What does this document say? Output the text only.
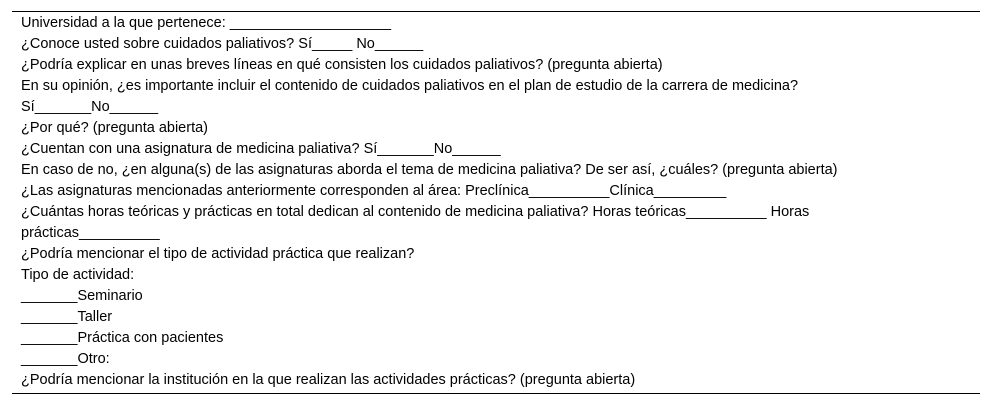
Universidad a la que pertenece: ____________________

¿Conoce usted sobre cuidados paliativos? Sí_____ No______

¿Podría explicar en unas breves líneas en qué consisten los cuidados paliativos? (pregunta abierta)

En su opinión, ¿es importante incluir el contenido de cuidados paliativos en el plan de estudio de la carrera de medicina?

Sí_______No______

¿Por qué? (pregunta abierta)

¿Cuentan con una asignatura de medicina paliativa? Sí_______No______

En caso de no, ¿en alguna(s) de las asignaturas aborda el tema de medicina paliativa? De ser así, ¿cuáles? (pregunta abierta)

¿Las asignaturas mencionadas anteriormente corresponden al área: Preclínica__________Clínica_________

¿Cuántas horas teóricas y prácticas en total dedican al contenido de medicina paliativa? Horas teóricas__________ Horas

prácticas__________

¿Podría mencionar el tipo de actividad práctica que realizan?

Tipo de actividad:

_______Seminario

_______Taller

_______Práctica con pacientes

_______Otro:

¿Podría mencionar la institución en la que realizan las actividades prácticas? (pregunta abierta)
